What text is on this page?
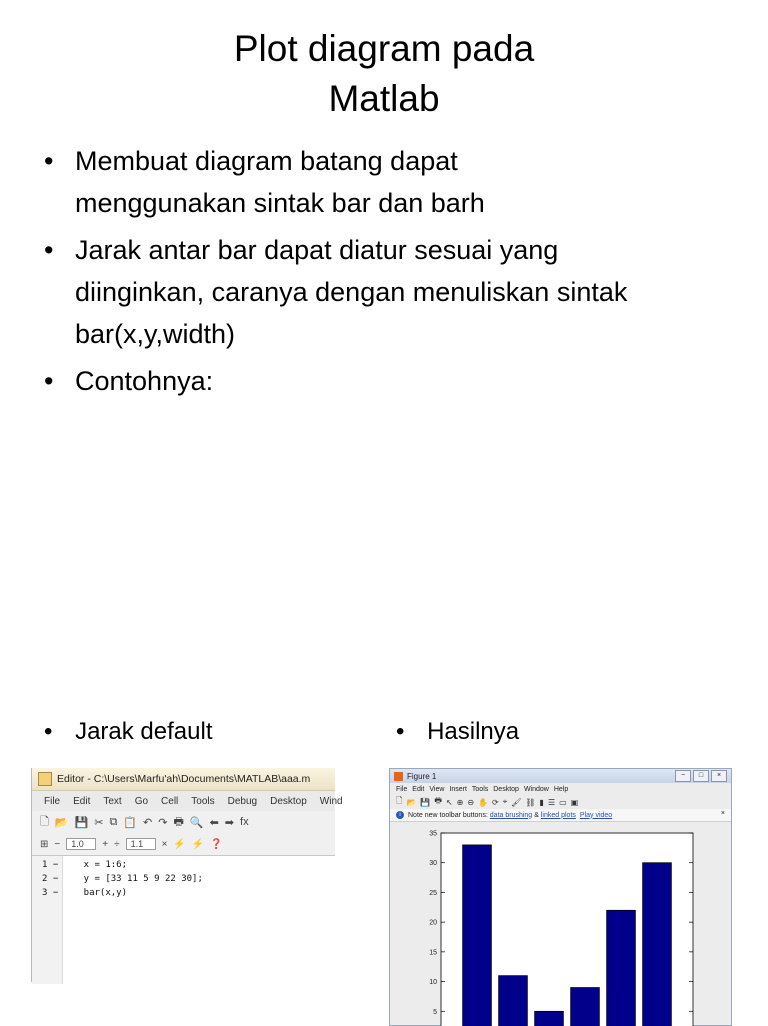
Plot diagram pada
Matlab
• Membuat diagram batang dapat
menggunakan sintak bar dan barh
• Jarak antar bar dapat diatur sesuai yang
diinginkan, caranya dengan menuliskan sintak
bar(x,y,width)
• Contohnya:
• Jarak default	• Hasilnya
Editor - C:\Users\Marfu'ah\Documents\MATLAB\aaa.m
File Edit Text Go Cell Tools Debug Desktop Wind
🗋 📂 💾 ✂ ⧉ 📋 ↶ ↷ 🖶 🔍 ⬅ ➡ fx
⊞ −	1.0	+ ÷	1.1	× ⚡ ⚡ ❓
1 −    x = 1:6;
2 −    y = [33 11 5 9 22 30];
3 −    bar(x,y)
Figure 1	−	□	×
File Edit View Insert Tools Desktop Window Help
🗋 📂 💾 🖶 ↖ ⊕ ⊖ ✋ ⟳ ⌖ 🖌 ⛓ ▮ ☰ ▭ ▣
i	Note new toolbar buttons: data brushing & linked plots Play video	×
5
10
15
20
25
30
35
